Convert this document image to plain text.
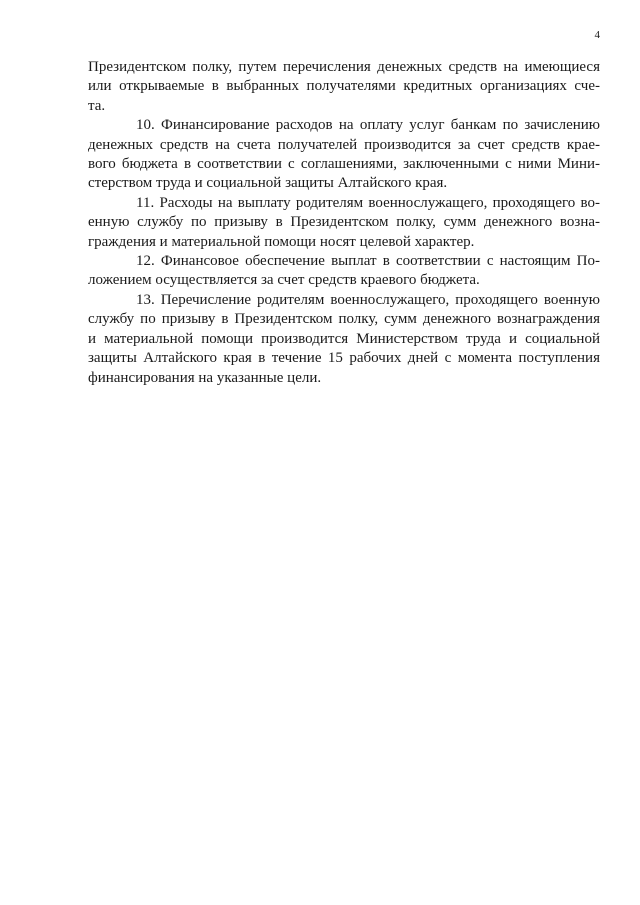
4

Президентском полку, путем перечисления денежных средств на имеющиеся
или открываемые в выбранных получателями кредитных организациях сче-
та.

10. Финансирование расходов на оплату услуг банкам по зачислению
денежных средств на счета получателей производится за счет средств крае-
вого бюджета в соответствии с соглашениями, заключенными с ними Мини-
стерством труда и социальной защиты Алтайского края.

11. Расходы на выплату родителям военнослужащего, проходящего во-
енную службу по призыву в Президентском полку, сумм денежного возна-
граждения и материальной помощи носят целевой характер.

12. Финансовое обеспечение выплат в соответствии с настоящим По-
ложением осуществляется за счет средств краевого бюджета.

13. Перечисление родителям военнослужащего, проходящего военную
службу по призыву в Президентском полку, сумм денежного вознаграждения
и материальной помощи производится Министерством труда и социальной
защиты Алтайского края в течение 15 рабочих дней с момента поступления
финансирования на указанные цели.
